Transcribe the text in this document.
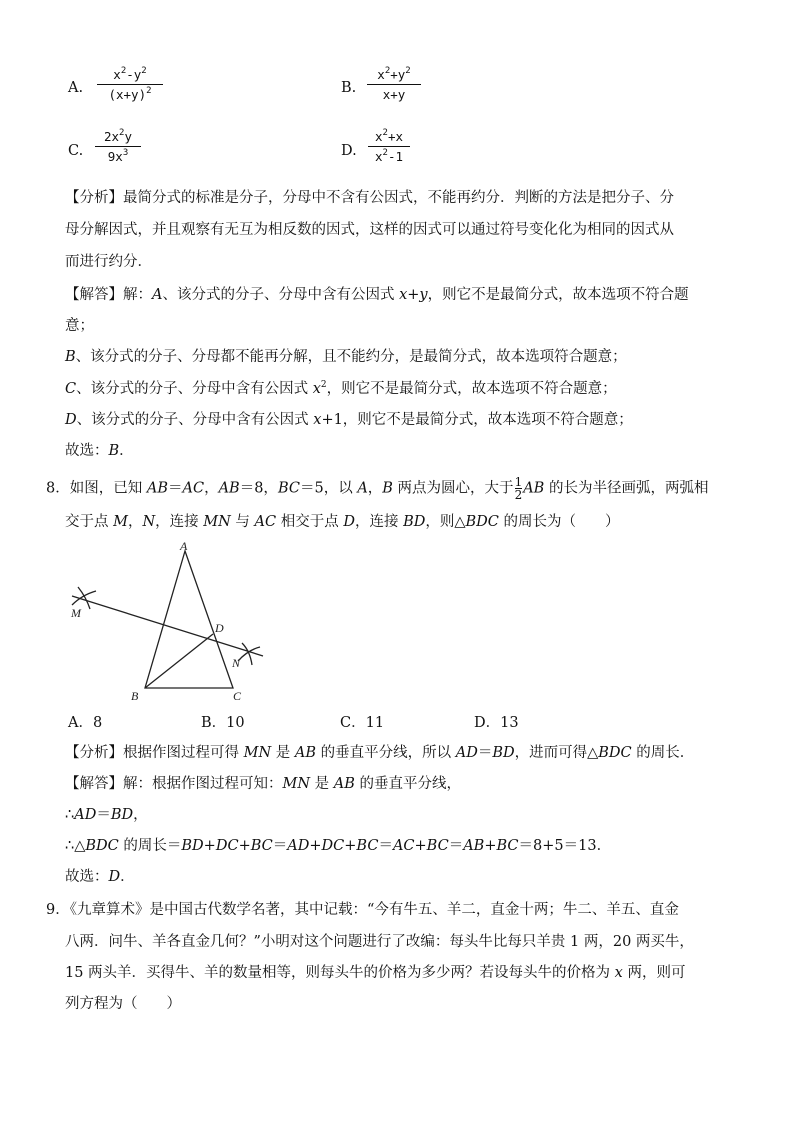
A.
$x^2-y^2$
$(x+y)^2$	B.
$x^2+y^2$
x+y
C.
$2x^2y$
$9x^3$	D.
$x^2+x$
$x^2-1$
【分析】最简分式的标准是分子，分母中不含有公因式，不能再约分．判断的方法是把分子、分
母分解因式，并且观察有无互为相反数的因式，这样的因式可以通过符号变化化为相同的因式从
而进行约分．
【解答】解：A、该分式的分子、分母中含有公因式 x+y，则它不是最简分式，故本选项不符合题
意；
B、该分式的分子、分母都不能再分解，且不能约分，是最简分式，故本选项符合题意；
C、该分式的分子、分母中含有公因式 $x^2$，则它不是最简分式，故本选项不符合题意；
D、该分式的分子、分母中含有公因式 x+1，则它不是最简分式，故本选项不符合题意；
故选：B．
8．如图，已知 AB＝AC，AB＝8，BC＝5，以 A，B 两点为圆心，大于 $\frac{1}{2}$ AB 的长为半径画弧，两弧相
交于点 M，N，连接 MN 与 AC 相交于点 D，连接 BD，则△BDC 的周长为（　　）
A
B	C
D
M
N
A．8	B．10	C．11	D．13
【分析】根据作图过程可得 MN 是 AB 的垂直平分线，所以 AD＝BD，进而可得△BDC 的周长．
【解答】解：根据作图过程可知：MN 是 AB 的垂直平分线，
∴AD＝BD，
∴△BDC 的周长＝BD+DC+BC＝AD+DC+BC＝AC+BC＝AB+BC＝8+5＝13．
故选：D．
9．《九章算术》是中国古代数学名著，其中记载：“今有牛五、羊二，直金十两；牛二、羊五、直金
八两．问牛、羊各直金几何？”小明对这个问题进行了改编：每头牛比每只羊贵 1 两，20 两买牛，
15 两头羊．买得牛、羊的数量相等，则每头牛的价格为多少两？若设每头牛的价格为 x 两，则可
列方程为（　　）
